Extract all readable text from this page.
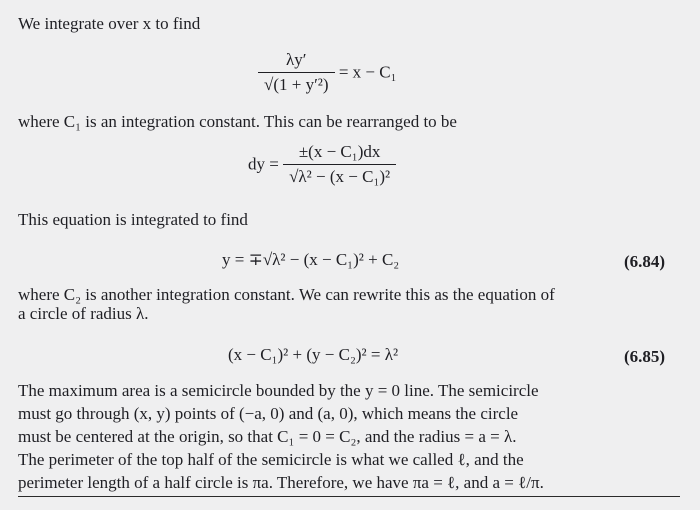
We integrate over x to find
$\frac{\lambda y'}{\text{√(1 + y′²)}} = x - C_1$
where C₁ is an integration constant. This can be rearranged to be
dy = $\frac{\text{±(x − C₁)dx}}{\text{√λ² − (x − C₁)²}}$
This equation is integrated to find
y = ∓√λ² − (x − C₁)² + C₂	(6.84)
where C₂ is another integration constant. We can rewrite this as the equation of
a circle of radius λ.
(x − C₁)² + (y − C₂)² = λ²	(6.85)
The maximum area is a semicircle bounded by the y = 0 line. The semicircle
must go through (x, y) points of (−a, 0) and (a, 0), which means the circle
must be centered at the origin, so that C₁ = 0 = C₂, and the radius = a = λ.
The perimeter of the top half of the semicircle is what we called ℓ, and the
perimeter length of a half circle is πa. Therefore, we have πa = ℓ, and a = ℓ/π.
